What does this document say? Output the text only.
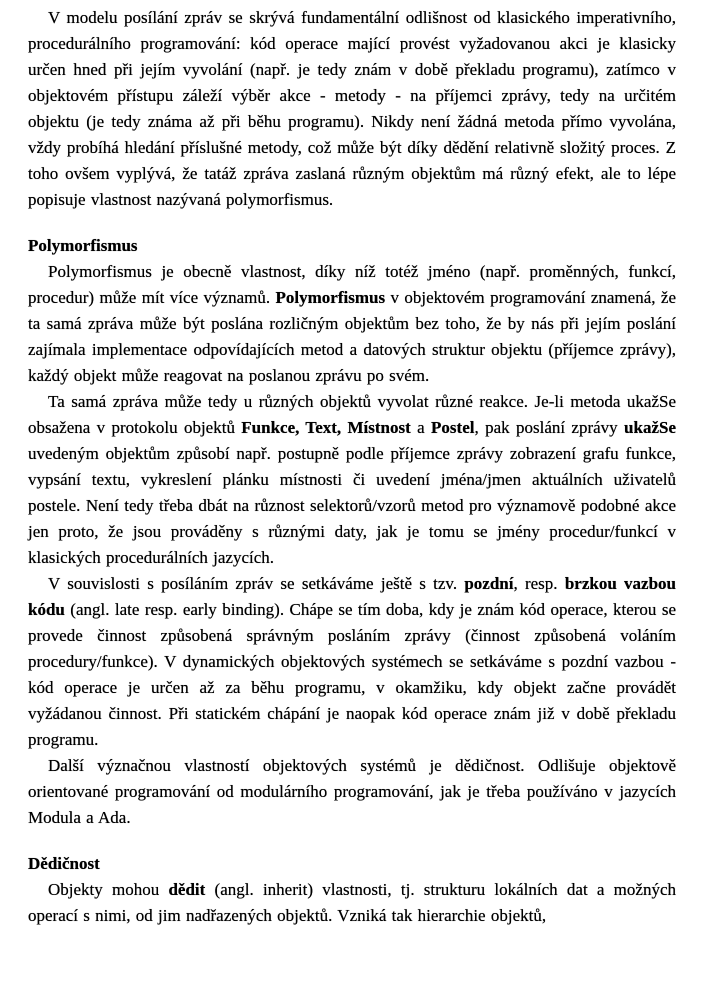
V modelu posílání zpráv se skrývá fundamentální odlišnost od klasického imperativního, procedurálního programování: kód operace mající provést vyžadovanou akci je klasicky určen hned při jejím vyvolání (např. je tedy znám v době překladu programu), zatímco v objektovém přístupu záleží výběr akce - metody - na příjemci zprávy, tedy na určitém objektu (je tedy známa až při běhu programu). Nikdy není žádná metoda přímo vyvolána, vždy probíhá hledání příslušné metody, což může být díky dědění relativně složitý proces. Z toho ovšem vyplývá, že tatáž zpráva zaslaná různým objektům má různý efekt, ale to lépe popisuje vlastnost nazývaná polymorfismus.

Polymorfismus

Polymorfismus je obecně vlastnost, díky níž totéž jméno (např. proměnných, funkcí, procedur) může mít více významů. Polymorfismus v objektovém programování znamená, že ta samá zpráva může být poslána rozličným objektům bez toho, že by nás při jejím poslání zajímala implementace odpovídajících metod a datových struktur objektu (příjemce zprávy), každý objekt může reagovat na poslanou zprávu po svém.

Ta samá zpráva může tedy u různých objektů vyvolat různé reakce. Je-li metoda ukažSe obsažena v protokolu objektů Funkce, Text, Místnost a Postel, pak poslání zprávy ukažSe uvedeným objektům způsobí např. postupně podle příjemce zprávy zobrazení grafu funkce, vypsání textu, vykreslení plánku místnosti či uvedení jména/jmen aktuálních uživatelů postele. Není tedy třeba dbát na různost selektorů/vzorů metod pro významově podobné akce jen proto, že jsou prováděny s různými daty, jak je tomu se jmény procedur/funkcí v klasických procedurálních jazycích.

V souvislosti s posíláním zpráv se setkáváme ještě s tzv. pozdní, resp. brzkou vazbou kódu (angl. late resp. early binding). Chápe se tím doba, kdy je znám kód operace, kterou se provede činnost způsobená správným posláním zprávy (činnost způsobená voláním procedury/funkce). V dynamických objektových systémech se setkáváme s pozdní vazbou - kód operace je určen až za běhu programu, v okamžiku, kdy objekt začne provádět vyžádanou činnost. Při statickém chápání je naopak kód operace znám již v době překladu programu.

Další význačnou vlastností objektových systémů je dědičnost. Odlišuje objektově orientované programování od modulárního programování, jak je třeba používáno v jazycích Modula a Ada.

Dědičnost

Objekty mohou dědit (angl. inherit) vlastnosti, tj. strukturu lokálních dat a možných operací s nimi, od jim nadřazených objektů. Vzniká tak hierarchie objektů,
